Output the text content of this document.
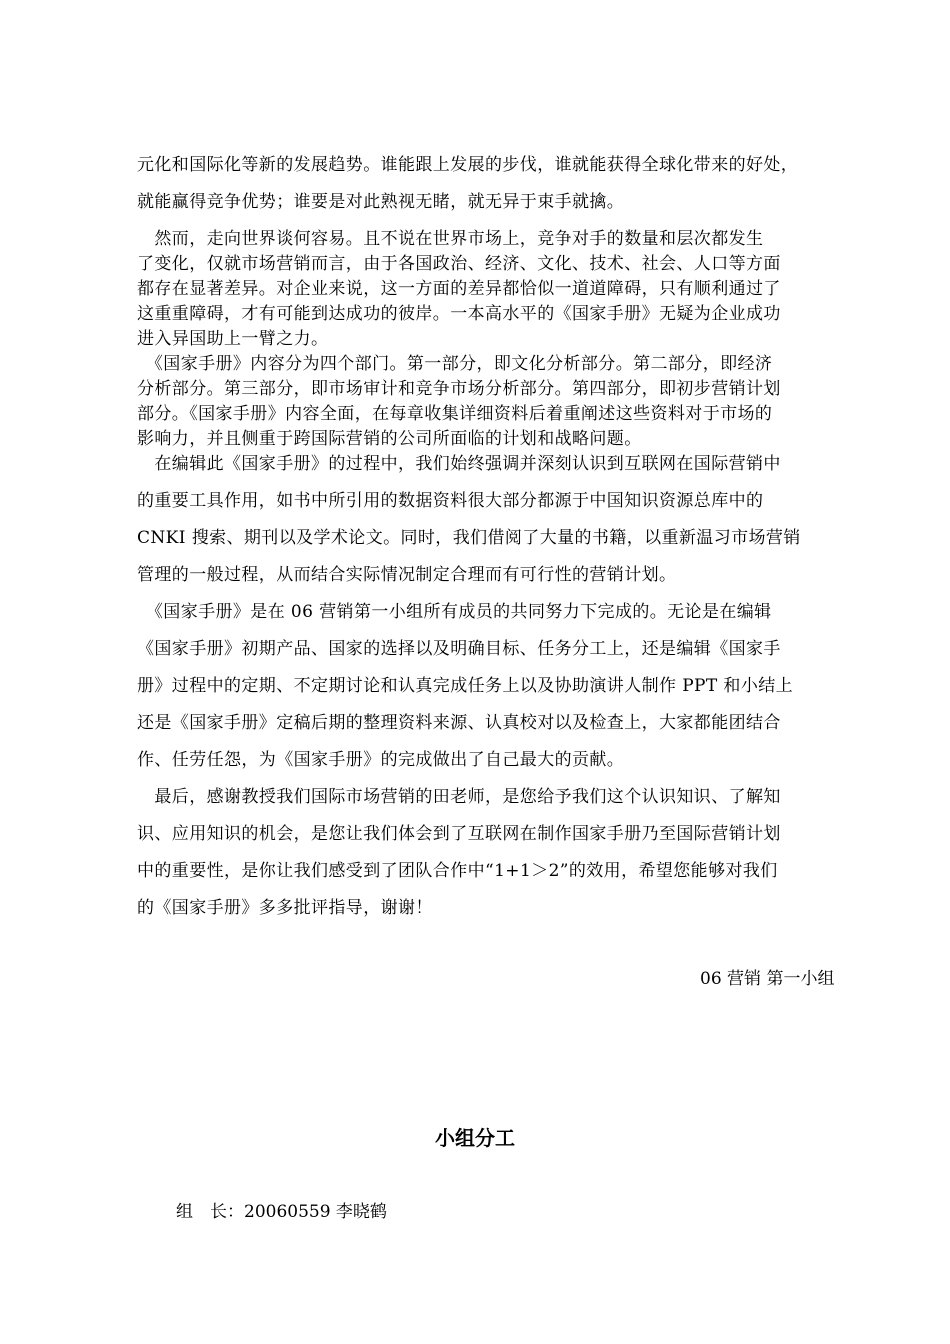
元化和国际化等新的发展趋势。谁能跟上发展的步伐，谁就能获得全球化带来的好处，
就能赢得竞争优势；谁要是对此熟视无睹，就无异于束手就擒。
　然而，走向世界谈何容易。且不说在世界市场上，竞争对手的数量和层次都发生
了变化，仅就市场营销而言，由于各国政治、经济、文化、技术、社会、人口等方面
都存在显著差异。对企业来说，这一方面的差异都恰似一道道障碍，只有顺利通过了
这重重障碍，才有可能到达成功的彼岸。一本高水平的《国家手册》无疑为企业成功
进入异国助上一臂之力。
　《国家手册》内容分为四个部门。第一部分，即文化分析部分。第二部分，即经济
分析部分。第三部分，即市场审计和竞争市场分析部分。第四部分，即初步营销计划
部分。《国家手册》内容全面，在每章收集详细资料后着重阐述这些资料对于市场的
影响力，并且侧重于跨国际营销的公司所面临的计划和战略问题。
　在编辑此《国家手册》的过程中，我们始终强调并深刻认识到互联网在国际营销中
的重要工具作用，如书中所引用的数据资料很大部分都源于中国知识资源总库中的
CNKI 搜索、期刊以及学术论文。同时，我们借阅了大量的书籍，以重新温习市场营销
管理的一般过程，从而结合实际情况制定合理而有可行性的营销计划。
　《国家手册》是在 06 营销第一小组所有成员的共同努力下完成的。无论是在编辑
《国家手册》初期产品、国家的选择以及明确目标、任务分工上，还是编辑《国家手
册》过程中的定期、不定期讨论和认真完成任务上以及协助演讲人制作 PPT 和小结上
还是《国家手册》定稿后期的整理资料来源、认真校对以及检查上，大家都能团结合
作、任劳任怨，为《国家手册》的完成做出了自己最大的贡献。
　最后，感谢教授我们国际市场营销的田老师，是您给予我们这个认识知识、了解知
识、应用知识的机会，是您让我们体会到了互联网在制作国家手册乃至国际营销计划
中的重要性，是你让我们感受到了团队合作中“1+1＞2”的效用，希望您能够对我们
的《国家手册》多多批评指导，谢谢！
06 营销 第一小组
小组分工
组　长：20060559 李晓鹤
